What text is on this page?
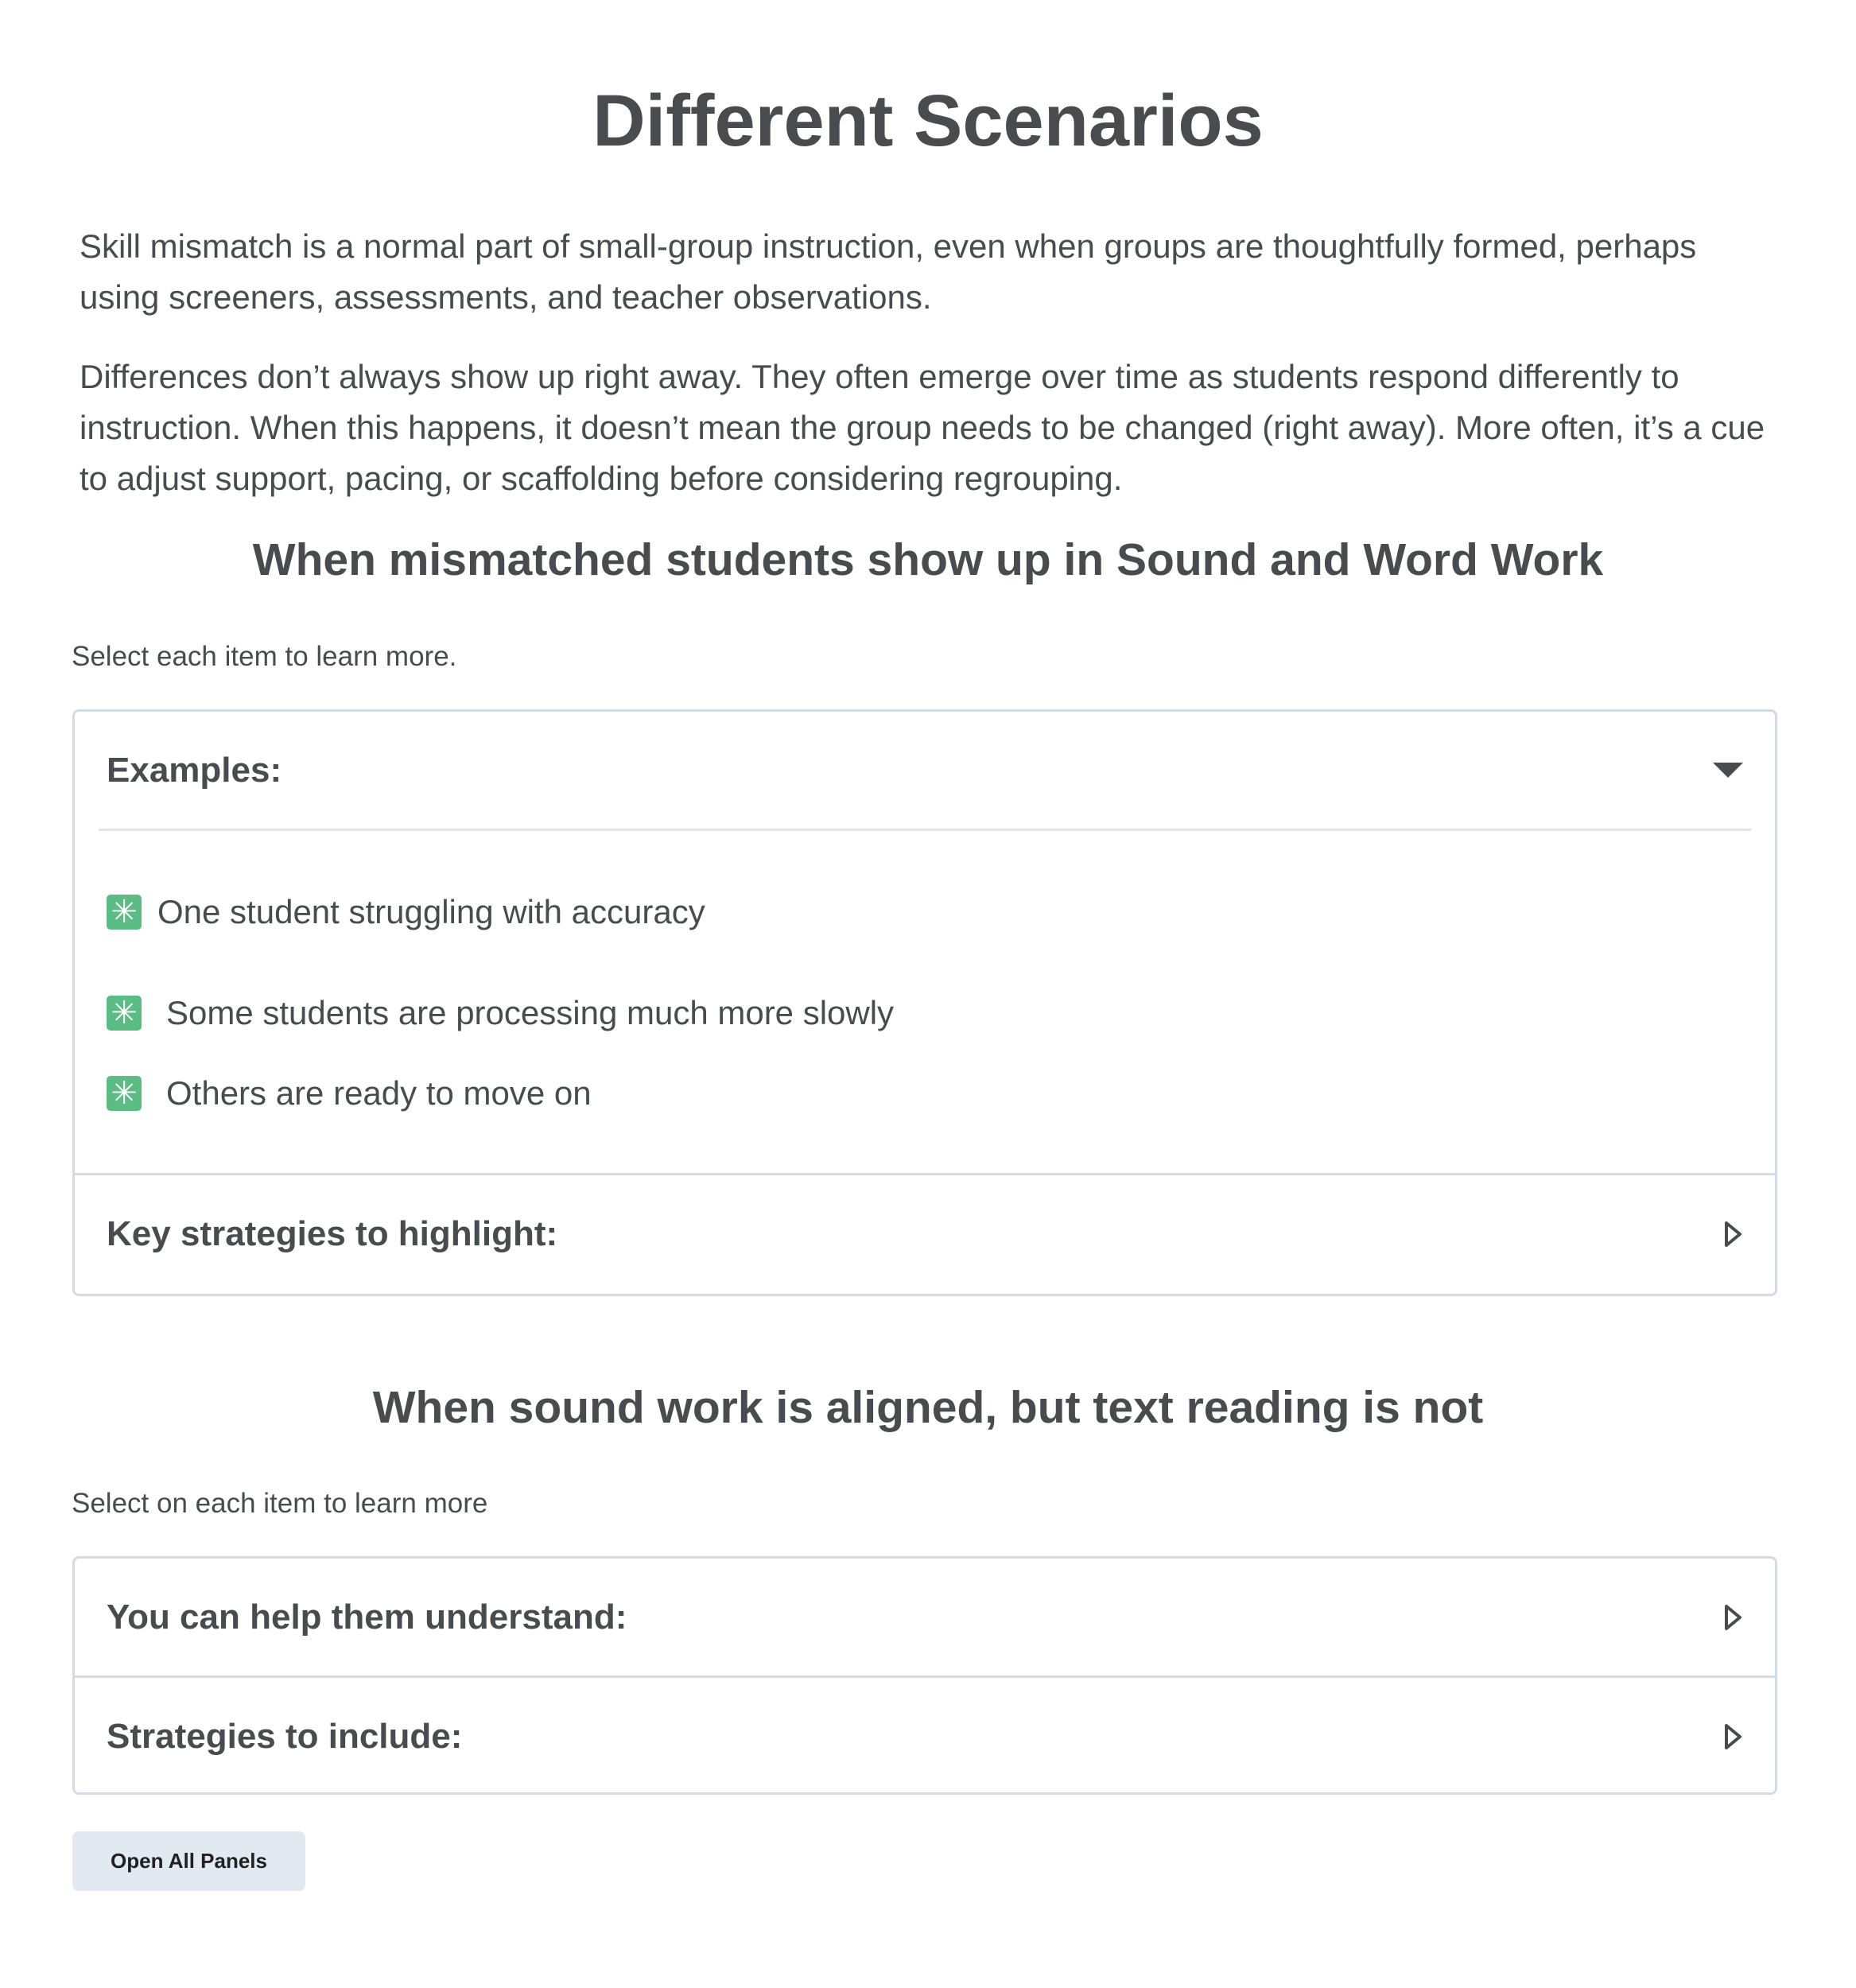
Different Scenarios

Skill mismatch is a normal part of small-group instruction, even when groups are thoughtfully formed, perhaps using screeners, assessments, and teacher observations.

Differences don’t always show up right away. They often emerge over time as students respond differently to instruction. When this happens, it doesn’t mean the group needs to be changed (right away). More often, it’s a cue to adjust support, pacing, or scaffolding before considering regrouping.

When mismatched students show up in Sound and Word Work
Select each item to learn more.
Examples:
✳ One student struggling with accuracy
✳ Some students are processing much more slowly
✳ Others are ready to move on
Key strategies to highlight:
When sound work is aligned, but text reading is not
Select on each item to learn more
You can help them understand:
Strategies to include:
Open All Panels
